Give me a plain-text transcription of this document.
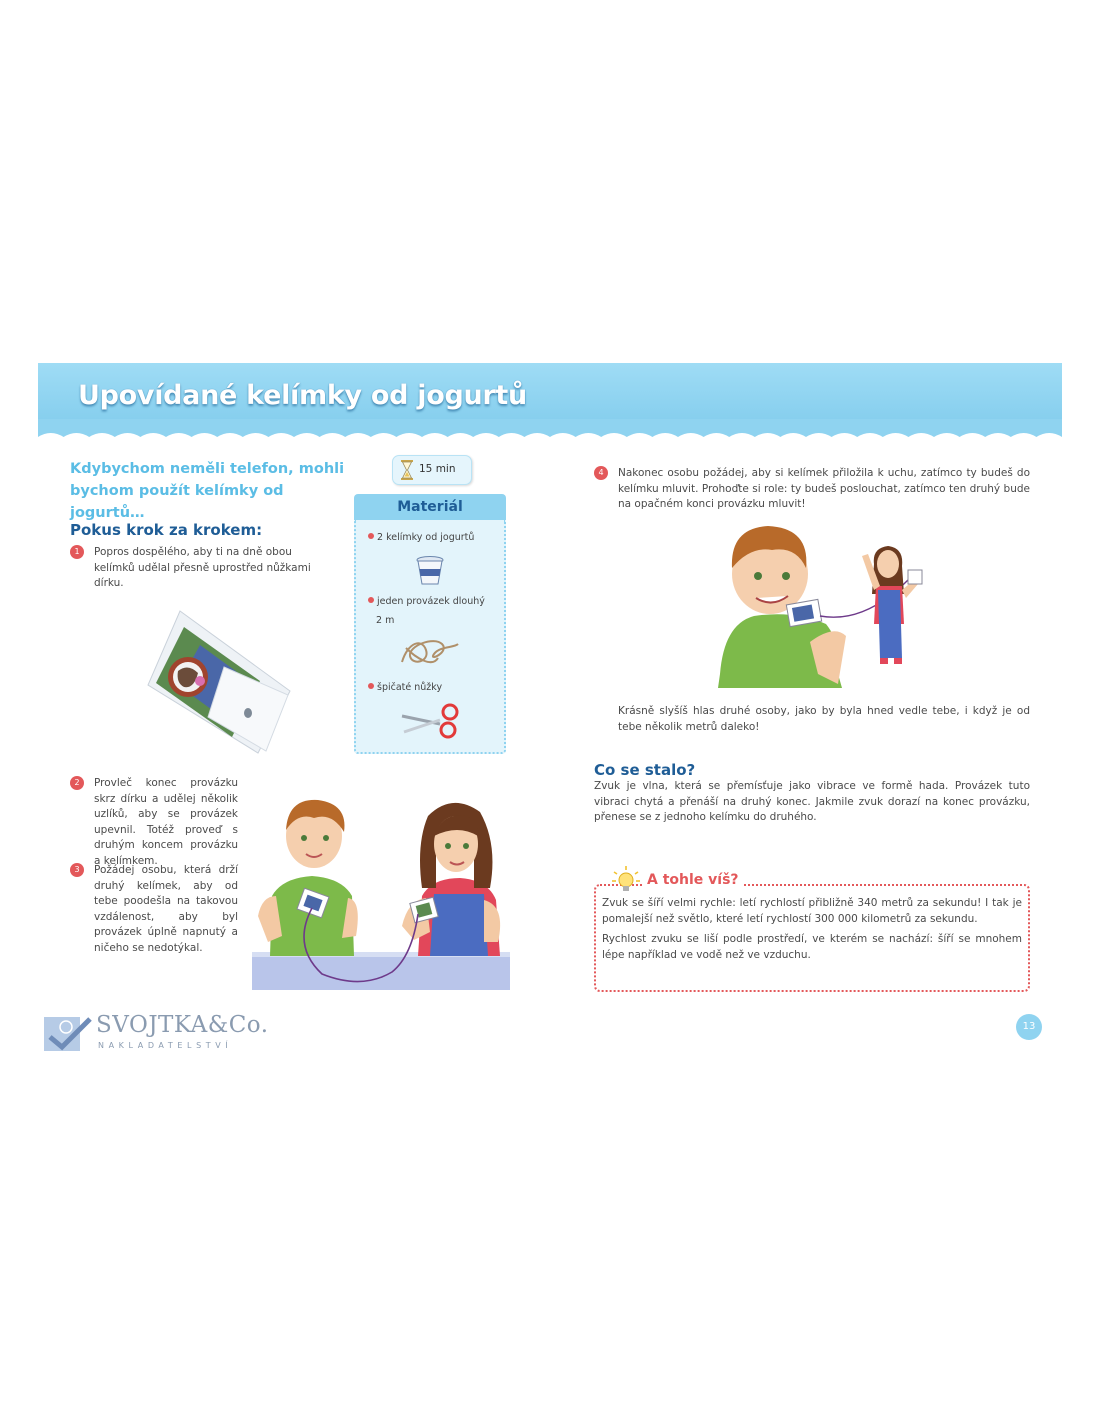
Upovídané kelímky od jogurtů
Kdybychom neměli telefon, mohli bychom použít kelímky od jogurtů…
15 min
Materiál
2 kelímky od jogurtů
jeden provázek dlouhý
2 m
špičaté nůžky
Pokus krok za krokem:
1	Popros dospělého, aby ti na dně obou kelímků udělal přesně uprostřed nůžkami dírku.
2	Provleč konec provázku skrz dírku a udělej několik uzlíků, aby se provázek upevnil. Totéž proveď s druhým koncem provázku a kelímkem.
3	Požádej osobu, která drží druhý kelímek, aby od tebe poodešla na takovou vzdálenost, aby byl provázek úplně napnutý a ničeho se nedotýkal.
4	Nakonec osobu požádej, aby si kelímek přiložila k uchu, zatímco ty budeš do kelímku mluvit. Prohoďte si role: ty budeš poslouchat, zatímco ten druhý bude na opačném konci provázku mluvit!
Krásně slyšíš hlas druhé osoby, jako by byla hned vedle tebe, i když je od tebe několik metrů daleko!
Co se stalo?
Zvuk je vlna, která se přemísťuje jako vibrace ve formě hada. Provázek tuto vibraci chytá a přenáší na druhý konec. Jakmile zvuk dorazí na konec provázku, přenese se z jednoho kelímku do druhého.
A tohle víš?
Zvuk se šíří velmi rychle: letí rychlostí přibližně 340 metrů za sekundu! I tak je pomalejší než světlo, které letí rychlostí 300 000 kilometrů za sekundu.
Rychlost zvuku se liší podle prostředí, ve kterém se nachází: šíří se mnohem lépe například ve vodě než ve vzduchu.
SVOJTKA&Co.
NAKLADATELSTVÍ
13
